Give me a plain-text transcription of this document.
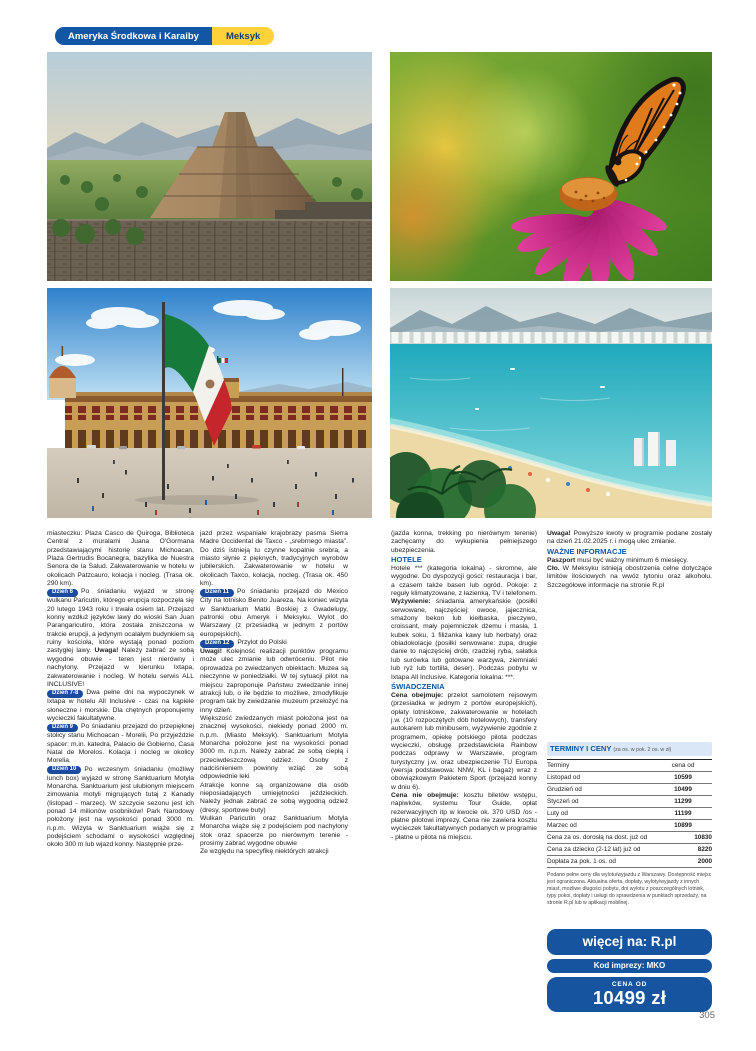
Ameryka Środkowa i Karaiby	Meksyk

miasteczku: Plaza Casco de Quiroga, Biblioteca Central z muralami Juana O'Gormana przedstawiającymi historię stanu Michoacan, Plaza Gertrudis Bocanegra, bazylika de Nuestra Senora de la Salud. Zakwaterowanie w hotelu w okolicach Patzcauro, kolacja i nocleg. (Trasa ok. 290 km).

Dzień 6 Po śniadaniu wyjazd w stronę wulkanu Paricutin, którego erupcja rozpoczęła się 20 lutego 1943 roku i trwała osiem lat. Przejazd konny wzdłuż języków lawy do wioski San Juan Parangaricutiro, która została zniszczona w trakcie erupcji, a jedynym ocalałym budynkiem są ruiny kościoła, które wystają ponad poziom zastygłej lawy. Uwaga! Należy zabrać ze sobą wygodne obuwie - teren jest nierówny i nachylony. Przejazd w kierunku Ixtapa, zakwaterowanie i nocleg. W hotelu serwis ALL INCLUSIVE!

Dzień 7-8 Dwa pełne dni na wypoczynek w Ixtapa w hotelu All Inclusive - czas na kąpiele słoneczne i morskie. Dla chętnych proponujemy wycieczki fakultatywne.

Dzień 9 Po śniadaniu przejazd do przepięknej stolicy stanu Michoacan - Morelii, Po przyjeździe spacer: m.in. katedra, Palacio de Gobierno, Casa Natal de Morelos. Kolacja i nocleg w okolicy Morelia.

Dzień 10 Po wczesnym śniadaniu (możliwy lunch box) wyjazd w stronę Sanktuarium Motyla Monarcha. Sanktuarium jest ulubionym miejscem zimowania motyli migrujących tutaj z Kanady (listopad - marzec). W szczycie sezonu jest ich ponad 14 milionów osobników! Park Narodowy położony jest na wysokości ponad 3000 m. n.p.m. Wizyta w Sanktuarium wiąże się z podejściem schodami o wysokości względnej około 300 m lub wjazd konny. Następnie prze-

jazd przez wspaniałe krajobrazy pasma Sierra Madre Occidental de Taxco - „srebrnego miasta”. Do dziś istnieją tu czynne kopalnie srebra, a miasto słynie z pięknych, tradycyjnych wyrobów jubilerskich. Zakwaterowanie w hotelu w okolicach Taxco, kolacja, nocleg. (Trasa ok. 450 km).

Dzień 11 Po śniadaniu przejazd do Mexico City na lotnisko Benito Juareza. Na koniec wizyta w Sanktuarium Matki Boskiej z Gwadelupy, patronki obu Ameryk i Meksyku. Wylot do Warszawy (z przesiadką w jednym z portów europejskich).

Dzień 12 Przylot do Polski

Uwagi! Kolejność realizacji punktów programu może ulec zmianie lub odwróceniu. Pilot nie oprowadza po zwiedzanych obiektach. Muzea są nieczynne w poniedziałki. W tej sytuacji pilot na miejscu zaproponuje Państwu zwiedzanie innej atrakcji lub, o ile będzie to możliwe, zmodyfikuje program tak by zwiedzanie muzeum przełożyć na inny dzień.

Większość zwiedzanych miast położona jest na znacznej wysokości, niekiedy ponad 2000 m. n.p.m. (Miasto Meksyk). Sanktuarium Motyla Monarcha położone jest na wysokości ponad 3000 m. n.p.m. Należy zabrać ze sobą ciepłą i przeciwdeszczową odzież. Osoby z nadciśnieniem powinny wziąć ze sobą odpowiednie leki

Atrakcje konne są organizowane dla osób nieposiadających umiejętności jeździeckich. Należy jednak zabrać ze sobą wygodną odzież (dresy, sportowe buty)

Wulkan Paricutin oraz Sanktuarium Motyla Monarcha wiąże się z podejściem pod nachylony stok oraz spacerze po nierównym terenie - prosimy zabrać wygodne obuwie

Ze względu na specyfikę niektórych atrakcji

(jazda konna, trekking po nierównym terenie) zachęcamy do wykupienia pełniejszego ubezpieczenia.

HOTELE

Hotele *** (kategoria lokalna) - skromne, ale wygodne. Do dyspozycji gości: restauracja i bar, a czasem także basen lub ogród. Pokoje: z reguły klimatyzowane, z łazienką, TV i telefonem. Wyżywienie: śniadania amerykańskie (posiłki serwowane, najczęściej: owoce, jajecznica, smażony bekon lub kiełbaska, pieczywo, croissant, mały pojemniczek dżemu i masła, 1 kubek soku, 1 filiżanka kawy lub herbaty) oraz obiadokolacje (posiłki serwowane: zupa, drugie danie to najczęściej drób, rzadziej ryba, sałatka lub surówka lub gotowane warzywa, ziemniaki lub ryż lub tortilla, deser). Podczas pobytu w Ixtapa All Inclusive. Kategoria lokalna: ***.

ŚWIADCZENIA

Cena obejmuje: przelot samolotem rejsowym (przesiadka w jednym z portów europejskich), opłaty lotniskowe, zakwaterowanie w hotelach j.w. (10 rozpoczętych dób hotelowych), transfery autokarem lub minibusem, wyżywienie zgodnie z programem, opiekę polskiego pilota podczas wycieczki, obsługę przedstawiciela Rainbow podczas odprawy w Warszawie, program turystyczny j.w. oraz ubezpieczenie TU Europa (wersja podstawowa: NNW, KL i bagaż) wraz z obowiązkowym Pakietem Sport (przejazd konny w dniu 6).

Cena nie obejmuje: kosztu biletów wstępu, napiwków, systemu Tour Guide, opłat rezerwacyjnych itp w kwocie ok. 370 USD /os - płatne pilotowi imprezy. Cena nie zawiera kosztu wycieczek fakultatywnych podanych w programie - płatne u pilota na miejscu.

Uwaga! Powyższe kwoty w programie podane zostały na dzień 21.02.2025 r. i mogą ulec zmianie.

WAŻNE INFORMACJE

Paszport musi być ważny minimum 6 miesięcy.

Cło. W Meksyku istnieją obostrzenia celne dotyczące limitów ilościowych na wwóz tytoniu oraz alkoholu. Szczegółowe informacje na stronie R.pl

TERMINY I CENY (za os. w pok. 2 os. w zł)
Terminy	cena od
Listopad od	10599
Grudzień od	10499
Styczeń od	11299
Luty od	11199
Marzec od	10899
Cena za os. dorosłą na dost. już od	10830
Cena za dziecko (2-12 lat) już od	8220
Dopłata za pok. 1 os. od	2000
Podano pełne ceny dla wylotu/wyjazdu z Warszawy. Dostępność miejsc jest ograniczona. Aktualna oferta, dopłaty, wyloty/wyjazdy z innych miast, możliwe długości pobytu, dni wylotu z poszczególnych lotnisk, typy pokoi, dopłaty i usługi do sprawdzenia w punktach sprzedaży, na stronie R.pl lub w aplikacji mobilnej.
więcej na: R.pl
Kod imprezy: MKO
CENA OD
10499 zł
305
